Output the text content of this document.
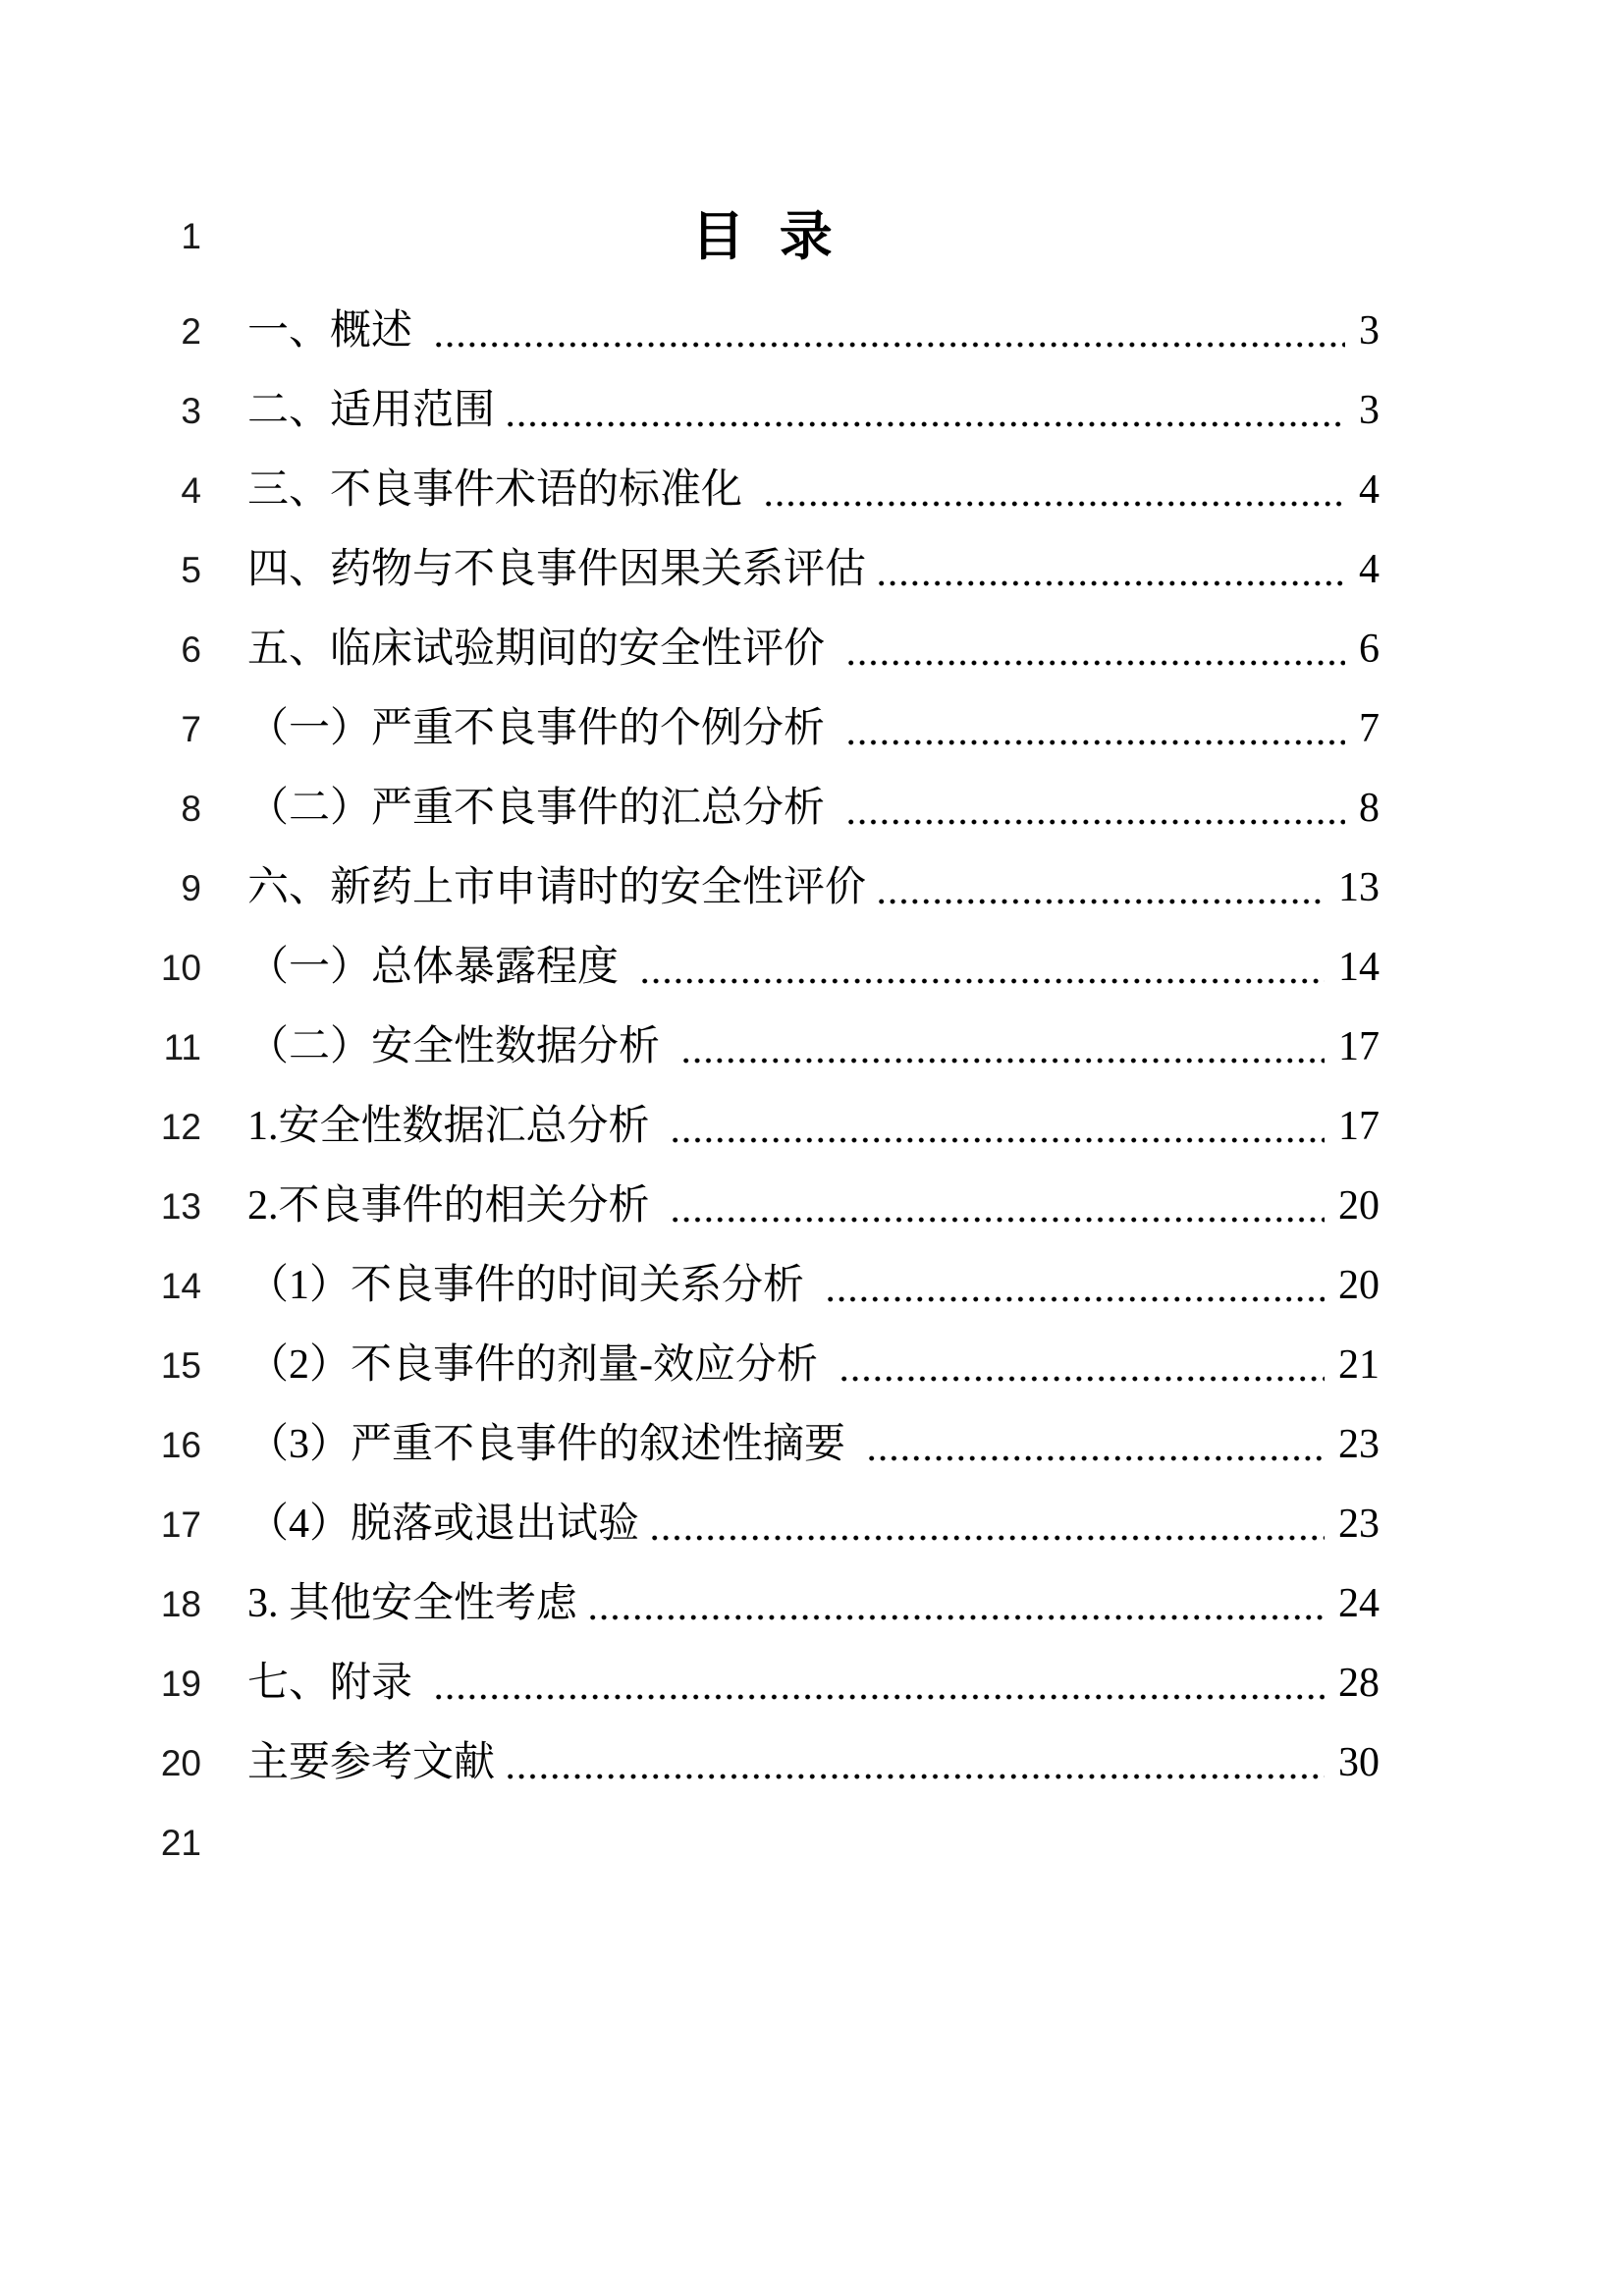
1	目 录
2 一、概述	3
3 二、适用范围	3
4 三、不良事件术语的标准化	4
5 四、药物与不良事件因果关系评估	4
6 五、临床试验期间的安全性评价	6
7 （一）严重不良事件的个例分析	7
8 （二）严重不良事件的汇总分析	8
9 六、新药上市申请时的安全性评价	13
10 （一）总体暴露程度	14
11 （二）安全性数据分析	17
12 1.安全性数据汇总分析	17
13 2.不良事件的相关分析	20
14 （1）不良事件的时间关系分析	20
15 （2）不良事件的剂量-效应分析	21
16 （3）严重不良事件的叙述性摘要	23
17 （4）脱落或退出试验	23
18 3. 其他安全性考虑	24
19 七、附录	28
20 主要参考文献	30
21
